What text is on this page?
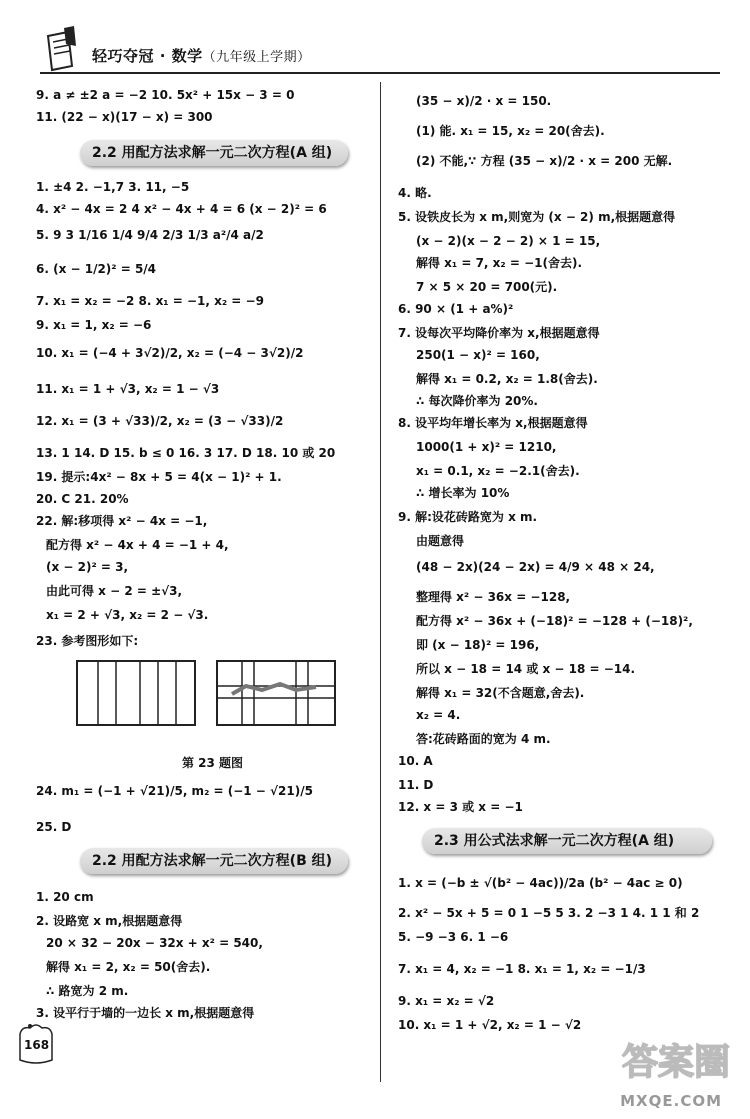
轻巧夺冠 · 数学（九年级上学期）
9. a ≠ ±2 a = −2 10. 5x² + 15x − 3 = 0
11. (22 − x)(17 − x) = 300
2.2 用配方法求解一元二次方程(A 组)
1. ±4 2. −1,7 3. 11, −5
4. x² − 4x = 2 4 x² − 4x + 4 = 6 (x − 2)² = 6
5. 9 3 1/16 1/4 9/4 2/3 1/3 a²/4 a/2
6. (x − 1/2)² = 5/4
7. x₁ = x₂ = −2 8. x₁ = −1, x₂ = −9
9. x₁ = 1, x₂ = −6
10. x₁ = (−4 + 3√2)/2, x₂ = (−4 − 3√2)/2
11. x₁ = 1 + √3, x₂ = 1 − √3
12. x₁ = (3 + √33)/2, x₂ = (3 − √33)/2
13. 1 14. D 15. b ≤ 0 16. 3 17. D 18. 10 或 20
19. 提示:4x² − 8x + 5 = 4(x − 1)² + 1.
20. C 21. 20%
22. 解:移项得 x² − 4x = −1,
配方得 x² − 4x + 4 = −1 + 4,
(x − 2)² = 3,
由此可得 x − 2 = ±√3,
x₁ = 2 + √3, x₂ = 2 − √3.
23. 参考图形如下:
第 23 题图
24. m₁ = (−1 + √21)/5, m₂ = (−1 − √21)/5
25. D
2.2 用配方法求解一元二次方程(B 组)
1. 20 cm
2. 设路宽 x m,根据题意得
20 × 32 − 20x − 32x + x² = 540,
解得 x₁ = 2, x₂ = 50(舍去).
∴ 路宽为 2 m.
3. 设平行于墙的一边长 x m,根据题意得
(35 − x)/2 · x = 150.
(1) 能. x₁ = 15, x₂ = 20(舍去).
(2) 不能,∵ 方程 (35 − x)/2 · x = 200 无解.
4. 略.
5. 设铁皮长为 x m,则宽为 (x − 2) m,根据题意得
(x − 2)(x − 2 − 2) × 1 = 15,
解得 x₁ = 7, x₂ = −1(舍去).
7 × 5 × 20 = 700(元).
6. 90 × (1 + a%)²
7. 设每次平均降价率为 x,根据题意得
250(1 − x)² = 160,
解得 x₁ = 0.2, x₂ = 1.8(舍去).
∴ 每次降价率为 20%.
8. 设平均年增长率为 x,根据题意得
1000(1 + x)² = 1210,
x₁ = 0.1, x₂ = −2.1(舍去).
∴ 增长率为 10%
9. 解:设花砖路宽为 x m.
由题意得
(48 − 2x)(24 − 2x) = 4/9 × 48 × 24,
整理得 x² − 36x = −128,
配方得 x² − 36x + (−18)² = −128 + (−18)²,
即 (x − 18)² = 196,
所以 x − 18 = 14 或 x − 18 = −14.
解得 x₁ = 32(不含题意,舍去).
x₂ = 4.
答:花砖路面的宽为 4 m.
10. A
11. D
12. x = 3 或 x = −1
2.3 用公式法求解一元二次方程(A 组)
1. x = (−b ± √(b² − 4ac))/2a (b² − 4ac ≥ 0)
2. x² − 5x + 5 = 0 1 −5 5 3. 2 −3 1 4. 1 1 和 2
5. −9 −3 6. 1 −6
7. x₁ = 4, x₂ = −1 8. x₁ = 1, x₂ = −1/3
9. x₁ = x₂ = √2
10. x₁ = 1 + √2, x₂ = 1 − √2
168	答案圈
MXQE.COM
